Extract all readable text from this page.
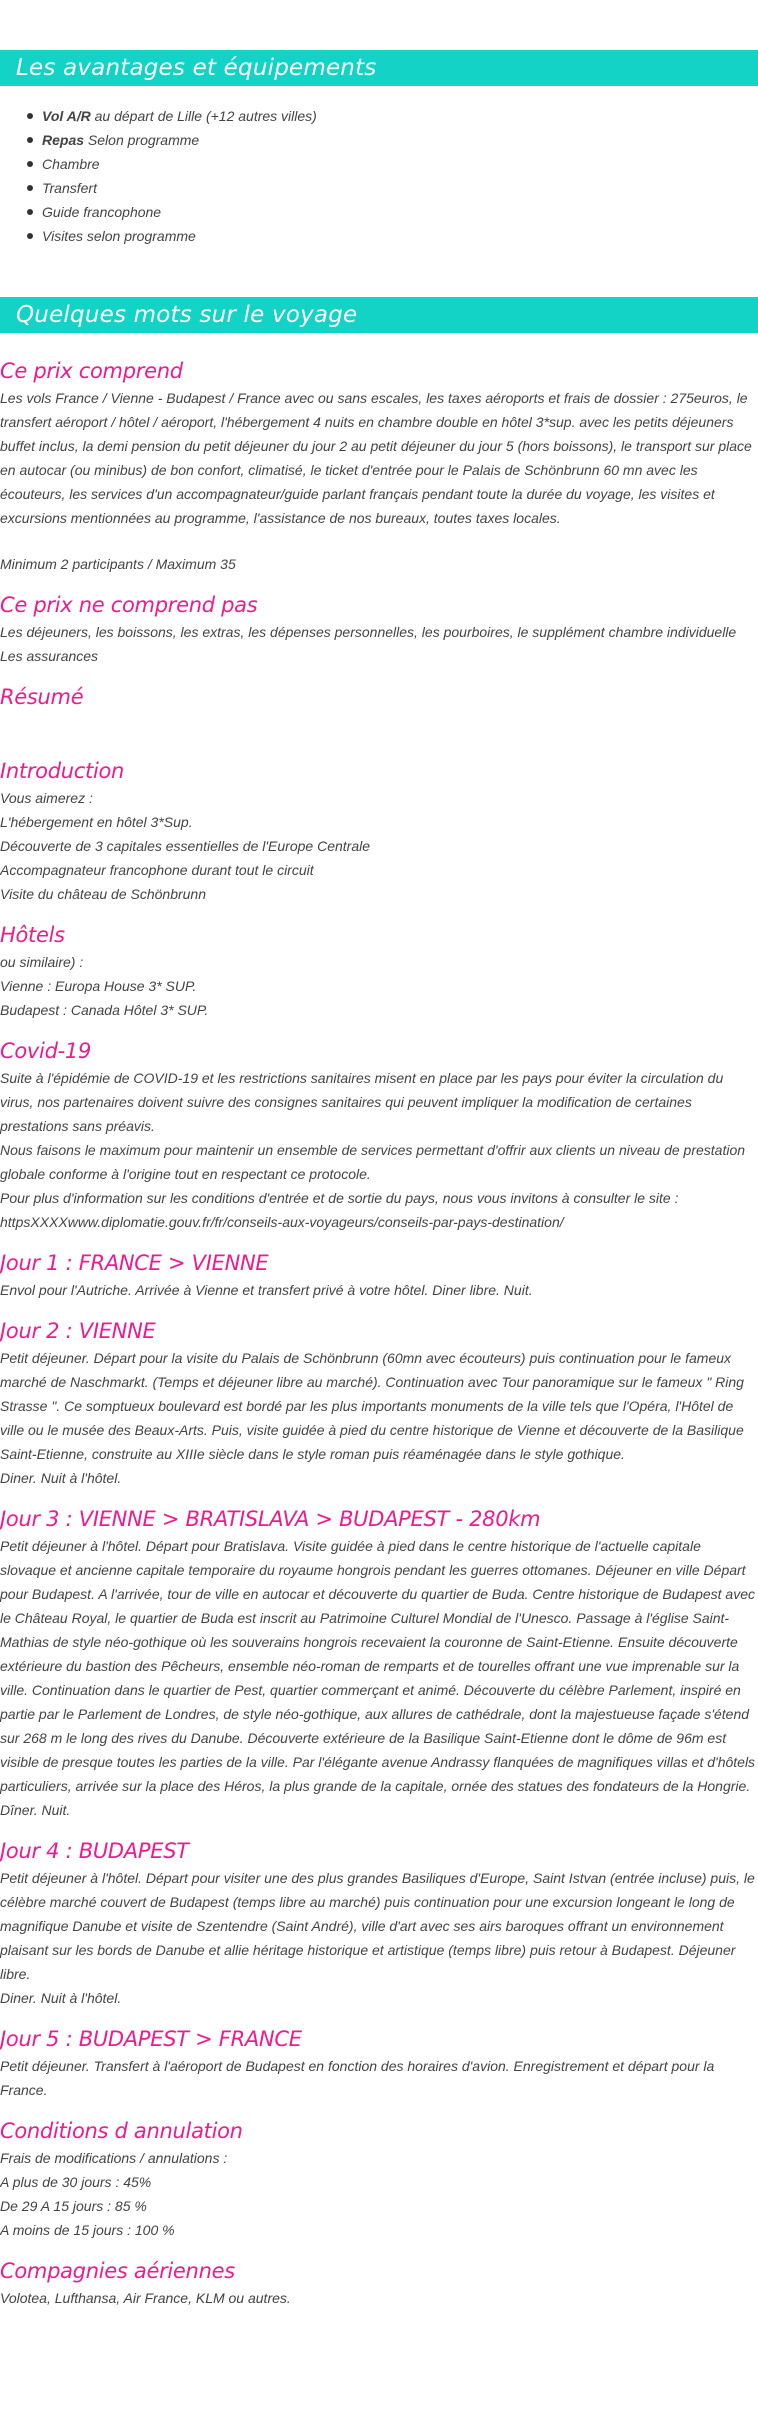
Les avantages et équipements
Vol A/R au départ de Lille (+12 autres villes)
Repas Selon programme
Chambre
Transfert
Guide francophone
Visites selon programme
Quelques mots sur le voyage
Ce prix comprend

Les vols France / Vienne - Budapest / France avec ou sans escales, les taxes aéroports et frais de dossier : 275euros, le transfert aéroport / hôtel / aéroport, l'hébergement 4 nuits en chambre double en hôtel 3*sup. avec les petits déjeuners buffet inclus, la demi pension du petit déjeuner du jour 2 au petit déjeuner du jour 5 (hors boissons), le transport sur place en autocar (ou minibus) de bon confort, climatisé, le ticket d'entrée pour le Palais de Schönbrunn 60 mn avec les écouteurs, les services d'un accompagnateur/guide parlant français pendant toute la durée du voyage, les visites et excursions mentionnées au programme, l'assistance de nos bureaux, toutes taxes locales.

Minimum 2 participants / Maximum 35

Ce prix ne comprend pas

Les déjeuners, les boissons, les extras, les dépenses personnelles, les pourboires, le supplément chambre individuelle

Les assurances

Résumé
Introduction

Vous aimerez :

L'hébergement en hôtel 3*Sup.

Découverte de 3 capitales essentielles de l'Europe Centrale

Accompagnateur francophone durant tout le circuit

Visite du château de Schönbrunn

Hôtels

ou similaire) :

Vienne : Europa House 3* SUP.

Budapest : Canada Hôtel 3* SUP.

Covid-19

Suite à l'épidémie de COVID-19 et les restrictions sanitaires misent en place par les pays pour éviter la circulation du virus, nos partenaires doivent suivre des consignes sanitaires qui peuvent impliquer la modification de certaines prestations sans préavis.

Nous faisons le maximum pour maintenir un ensemble de services permettant d'offrir aux clients un niveau de prestation globale conforme à l'origine tout en respectant ce protocole.

Pour plus d'information sur les conditions d'entrée et de sortie du pays, nous vous invitons à consulter le site : httpsXXXXwww.diplomatie.gouv.fr/fr/conseils-aux-voyageurs/conseils-par-pays-destination/

Jour 1 : FRANCE > VIENNE

Envol pour l'Autriche. Arrivée à Vienne et transfert privé à votre hôtel. Diner libre. Nuit.

Jour 2 : VIENNE

Petit déjeuner. Départ pour la visite du Palais de Schönbrunn (60mn avec écouteurs) puis continuation pour le fameux marché de Naschmarkt. (Temps et déjeuner libre au marché). Continuation avec Tour panoramique sur le fameux " Ring Strasse ". Ce somptueux boulevard est bordé par les plus importants monuments de la ville tels que l'Opéra, l'Hôtel de ville ou le musée des Beaux-Arts. Puis, visite guidée à pied du centre historique de Vienne et découverte de la Basilique Saint-Etienne, construite au XIIIe siècle dans le style roman puis réaménagée dans le style gothique.

Diner. Nuit à l'hôtel.

Jour 3 : VIENNE > BRATISLAVA > BUDAPEST - 280km

Petit déjeuner à l'hôtel. Départ pour Bratislava. Visite guidée à pied dans le centre historique de l'actuelle capitale slovaque et ancienne capitale temporaire du royaume hongrois pendant les guerres ottomanes. Déjeuner en ville Départ pour Budapest. A l'arrivée, tour de ville en autocar et découverte du quartier de Buda. Centre historique de Budapest avec le Château Royal, le quartier de Buda est inscrit au Patrimoine Culturel Mondial de l'Unesco. Passage à l'église Saint-Mathias de style néo-gothique où les souverains hongrois recevaient la couronne de Saint-Etienne. Ensuite découverte extérieure du bastion des Pêcheurs, ensemble néo-roman de remparts et de tourelles offrant une vue imprenable sur la ville. Continuation dans le quartier de Pest, quartier commerçant et animé. Découverte du célèbre Parlement, inspiré en partie par le Parlement de Londres, de style néo-gothique, aux allures de cathédrale, dont la majestueuse façade s'étend sur 268 m le long des rives du Danube. Découverte extérieure de la Basilique Saint-Etienne dont le dôme de 96m est visible de presque toutes les parties de la ville. Par l'élégante avenue Andrassy flanquées de magnifiques villas et d'hôtels particuliers, arrivée sur la place des Héros, la plus grande de la capitale, ornée des statues des fondateurs de la Hongrie. Dîner. Nuit.

Jour 4 : BUDAPEST

Petit déjeuner à l'hôtel. Départ pour visiter une des plus grandes Basiliques d'Europe, Saint Istvan (entrée incluse) puis, le célèbre marché couvert de Budapest (temps libre au marché) puis continuation pour une excursion longeant le long de magnifique Danube et visite de Szentendre (Saint André), ville d'art avec ses airs baroques offrant un environnement plaisant sur les bords de Danube et allie héritage historique et artistique (temps libre) puis retour à Budapest. Déjeuner libre.

Diner. Nuit à l'hôtel.

Jour 5 : BUDAPEST > FRANCE

Petit déjeuner. Transfert à l'aéroport de Budapest en fonction des horaires d'avion. Enregistrement et départ pour la France.

Conditions d annulation

Frais de modifications / annulations :

A plus de 30 jours : 45%

De 29 A 15 jours : 85 %

A moins de 15 jours : 100 %

Compagnies aériennes

Volotea, Lufthansa, Air France, KLM ou autres.
